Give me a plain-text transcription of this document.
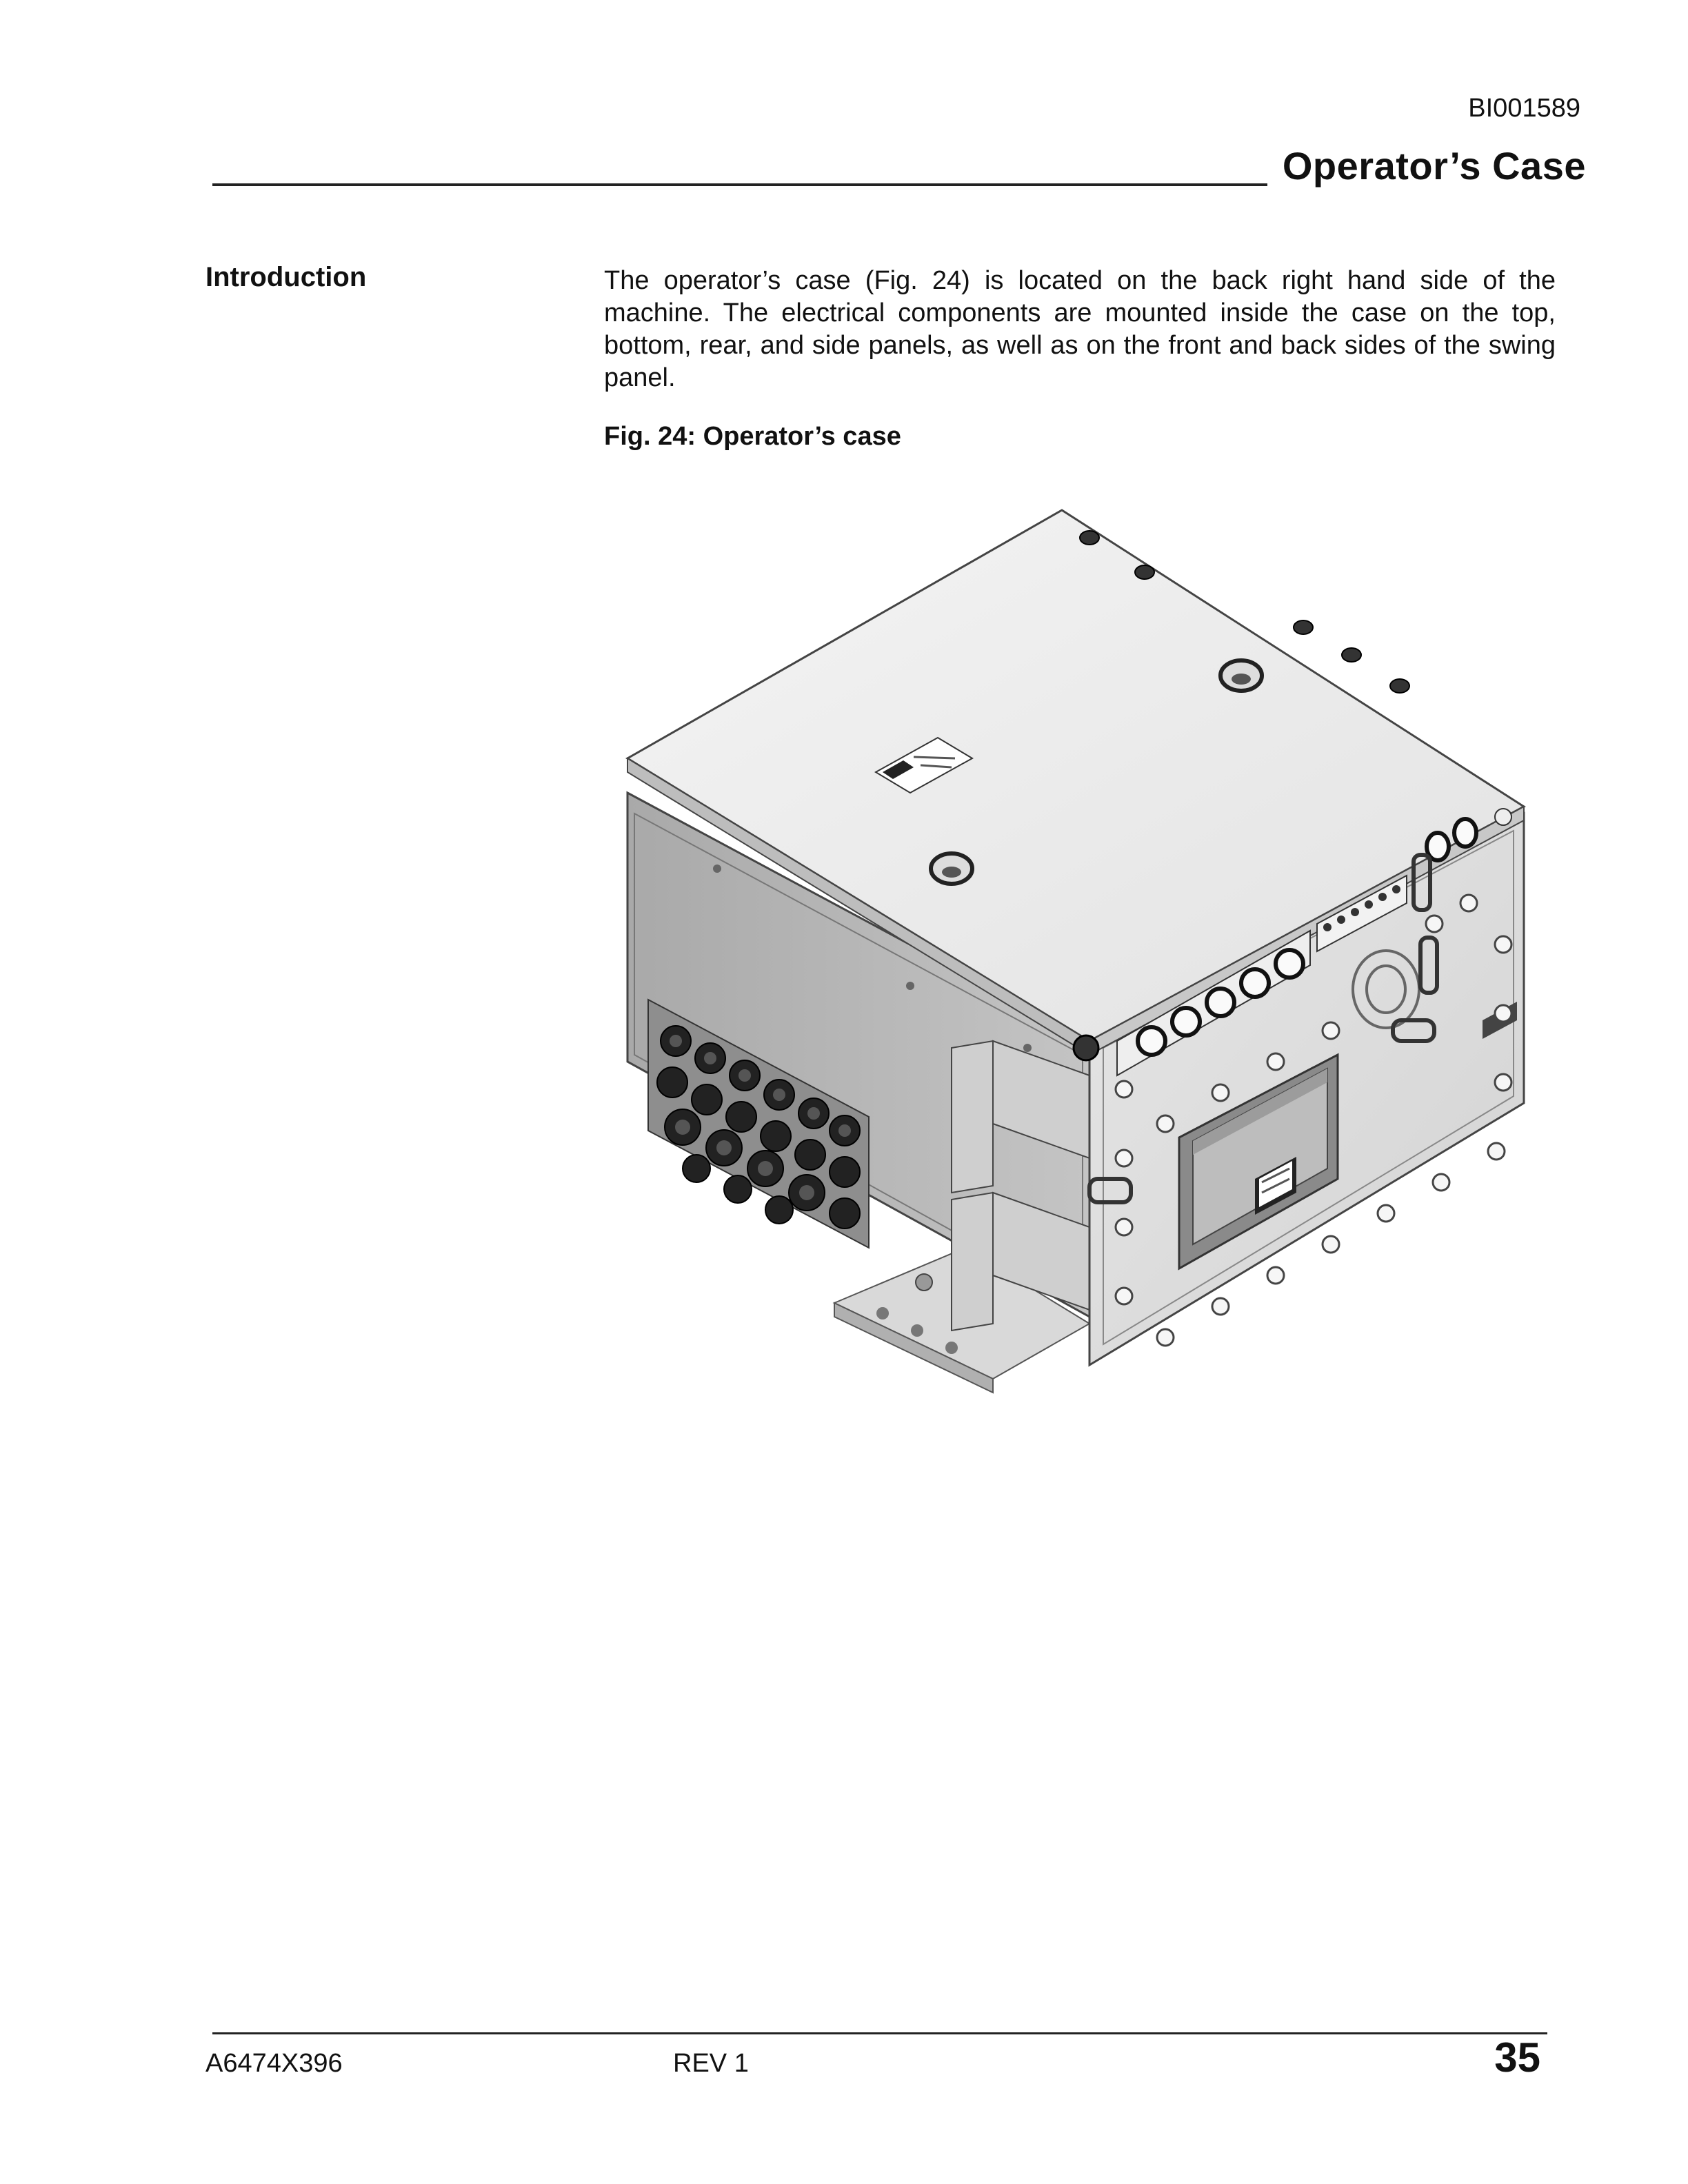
BI001589
Operator’s Case
Introduction	The operator’s case (Fig. 24) is located on the back right hand side of the machine. The electrical components are mounted inside the case on the top, bottom, rear, and side panels, as well as on the front and back sides of the swing panel.

Fig. 24: Operator’s case
A6474X396	REV 1	35
